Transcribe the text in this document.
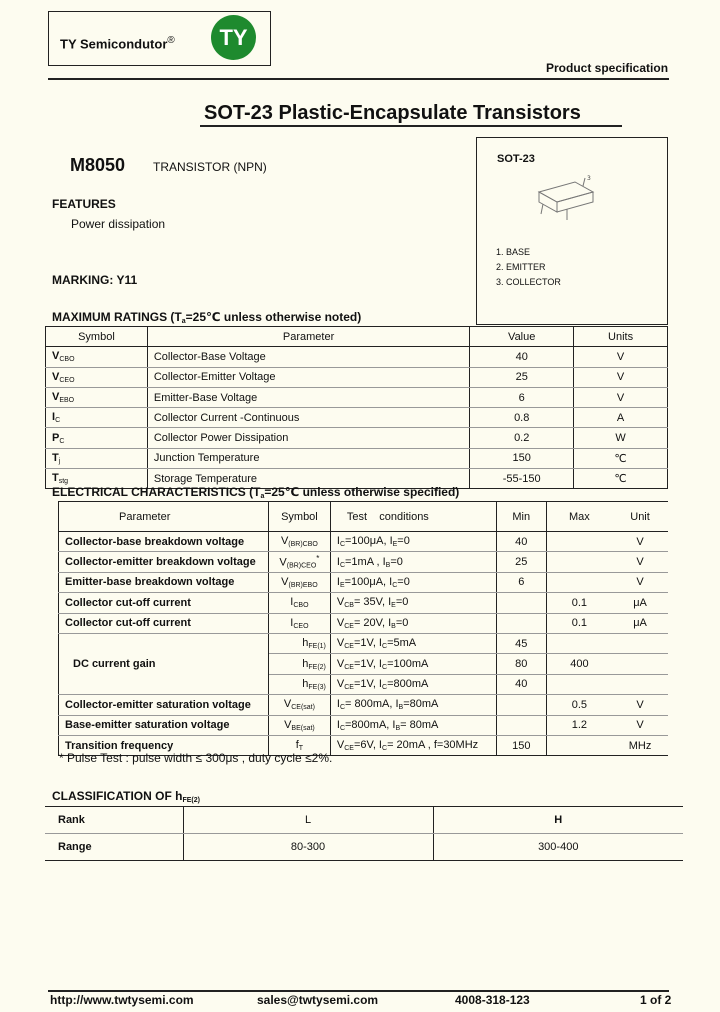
TY Semicondutor®	TY
Product specification
SOT-23 Plastic-Encapsulate Transistors
M8050 TRANSISTOR (NPN)
FEATURES
Power dissipation
MARKING: Y11
SOT-23
3
1. BASE
2. EMITTER
3. COLLECTOR
MAXIMUM RATINGS ($T_a=25℃$ unless otherwise noted)
Symbol	Parameter	Value	Units
$V_{CBO}$	Collector-Base Voltage	40	V
$V_{CEO}$	Collector-Emitter Voltage	25	V
$V_{EBO}$	Emitter-Base Voltage	6	V
$I_C$	Collector Current -Continuous	0.8	A
$P_C$	Collector Power Dissipation	0.2	W
$T_j$	Junction Temperature	150	℃
$T_{stg}$	Storage Temperature	-55-150	℃
ELECTRICAL CHARACTERISTICS ($T_a=25℃$ unless otherwise specified)
Parameter	Symbol	Test    conditions	Min	Max	Unit
Collector-base breakdown voltage	$V_{(BR)CBO}$	$I_C=100\mu A$, $I_E=0$	40		V
Collector-emitter breakdown voltage	$V_{(BR)CEO}^*$	$I_C=1mA$ , $I_B=0$	25		V
Emitter-base breakdown voltage	$V_{(BR)EBO}$	$I_E=100\mu A$, $I_C=0$	6		V
Collector cut-off current	$I_{CBO}$	$V_{CB}= 35V$, $I_E=0$		0.1	μA
Collector cut-off current	$I_{CEO}$	$V_{CE}= 20V$, $I_B=0$		0.1	μA
DC current gain	$h_{FE(1)}$	$V_{CE}=1V$, $I_C=5mA$	45		
	$h_{FE(2)}$	$V_{CE}=1V$, $I_C=100mA$	80	400	
	$h_{FE(3)}$	$V_{CE}=1V$, $I_C=800mA$	40		
Collector-emitter saturation voltage	$V_{CE(sat)}$	$I_C= 800mA$, $I_B=80mA$		0.5	V
Base-emitter saturation voltage	$V_{BE(sat)}$	$I_C=800mA$, $I_B= 80mA$		1.2	V
Transition frequency	$f_T$	$V_{CE}=6V$, $I_C= 20mA$ , f=30MHz	150		MHz
* Pulse Test : pulse width ≤ 300μs , duty cycle ≤2%.
CLASSIFICATION OF $h_{FE(2)}$
Rank	L	H
Range	80-300	300-400
http://www.twtysemi.com	sales@twtysemi.com	4008-318-123	1 of 2
